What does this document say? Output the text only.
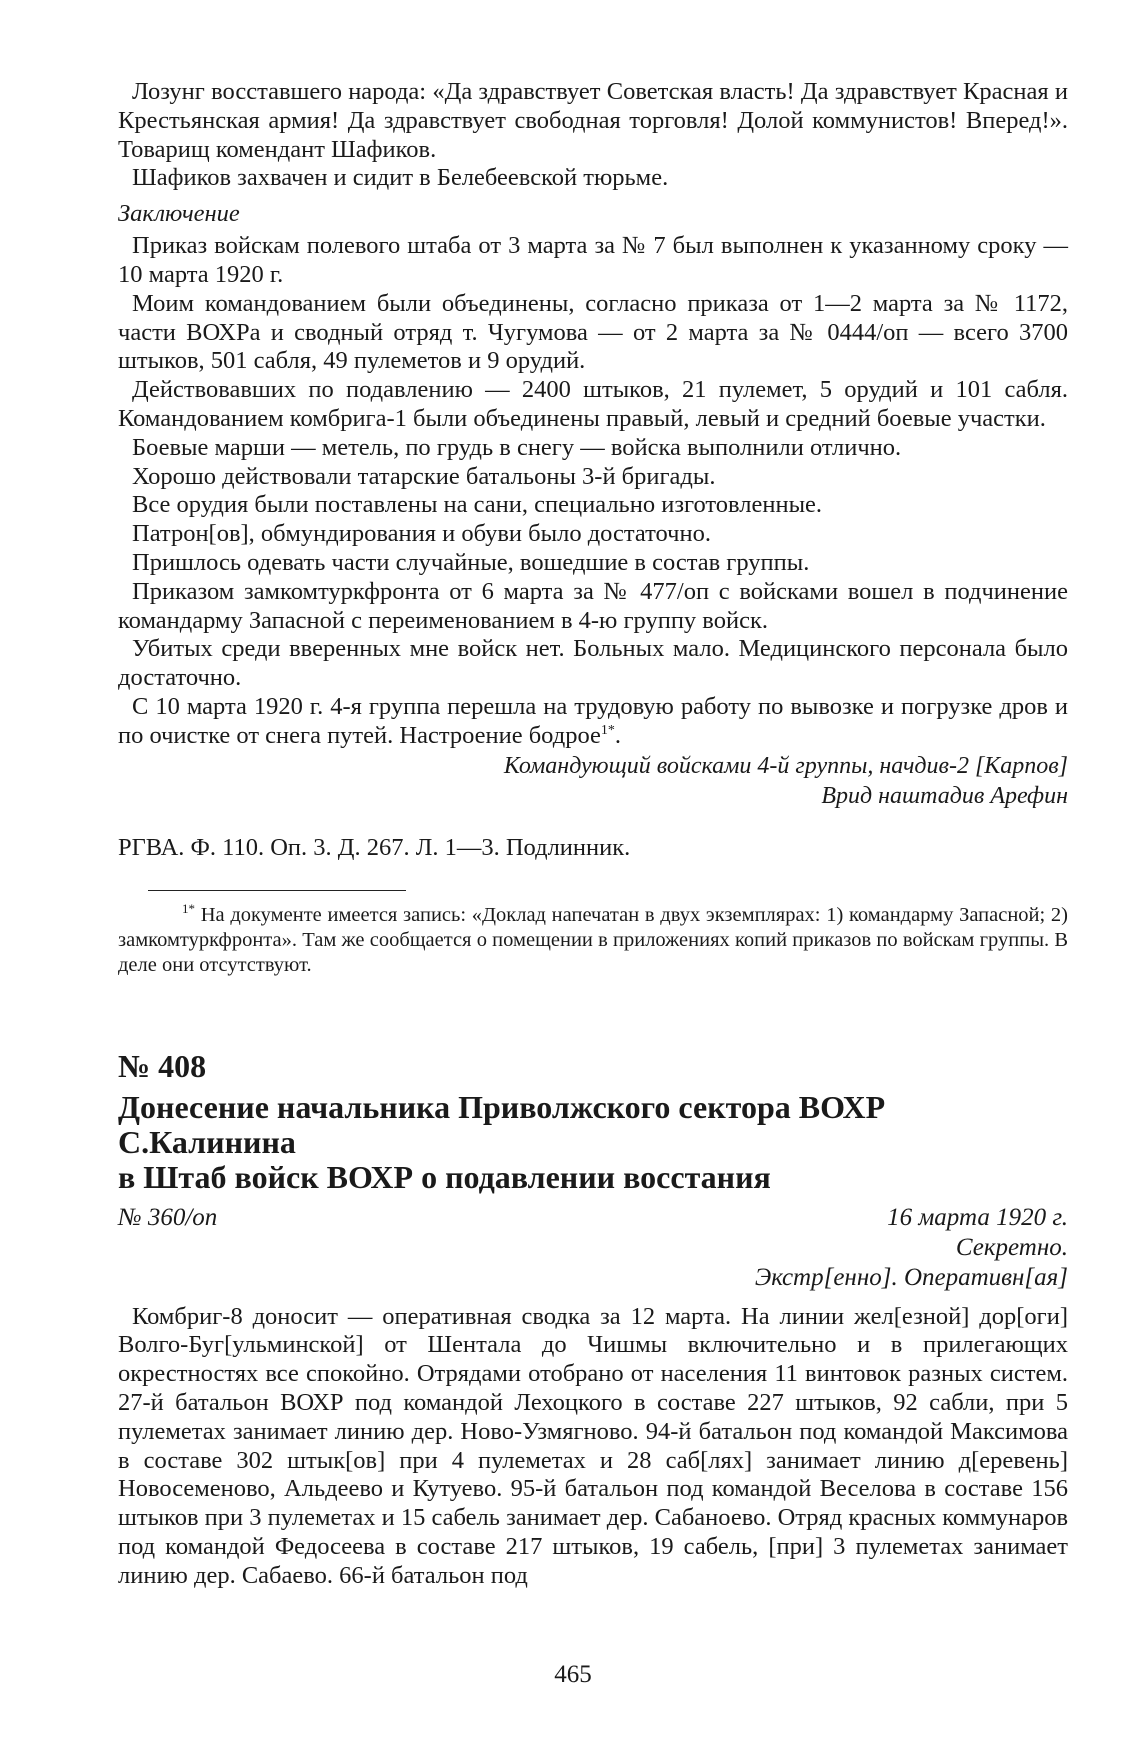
Лозунг восставшего народа: «Да здравствует Советская власть! Да здравствует Красная и Крестьянская армия! Да здравствует свободная торговля! Долой коммунистов! Вперед!». Товарищ комендант Шафиков.

Шафиков захвачен и сидит в Белебеевской тюрьме.

Заключение

Приказ войскам полевого штаба от 3 марта за № 7 был выполнен к указанному сроку — 10 марта 1920 г.

Моим командованием были объединены, согласно приказа от 1—2 марта за № 1172, части ВОХРа и сводный отряд т. Чугумова — от 2 марта за № 0444/оп — всего 3700 штыков, 501 сабля, 49 пулеметов и 9 орудий.

Действовавших по подавлению — 2400 штыков, 21 пулемет, 5 орудий и 101 сабля. Командованием комбрига-1 были объединены правый, левый и средний боевые участки.

Боевые марши — метель, по грудь в снегу — войска выполнили отлично.

Хорошо действовали татарские батальоны 3-й бригады.

Все орудия были поставлены на сани, специально изготовленные.

Патрон[ов], обмундирования и обуви было достаточно.

Пришлось одевать части случайные, вошедшие в состав группы.

Приказом замкомтуркфронта от 6 марта за № 477/оп с войсками вошел в подчинение командарму Запасной с переименованием в 4-ю группу войск.

Убитых среди вверенных мне войск нет. Больных мало. Медицинского персонала было достаточно.

С 10 марта 1920 г. 4-я группа перешла на трудовую работу по вывозке и погрузке дров и по очистке от снега путей. Настроение бодрое$^{1*}$.

Командующий войсками 4-й группы, начдив-2 [Карпов]

Врид наштадив Арефин

РГВА. Ф. 110. Оп. 3. Д. 267. Л. 1—3. Подлинник.

$^{1*}$ На документе имеется запись: «Доклад напечатан в двух экземплярах: 1) командарму Запасной; 2) замкомтуркфронта». Там же сообщается о помещении в приложениях копий приказов по войскам группы. В деле они отсутствуют.

№ 408

Донесение начальника Приволжского сектора ВОХР С.Калинина
в Штаб войск ВОХР о подавлении восстания

№ 360/оп	16 марта 1920 г.

Секретно.

Экстр[енно]. Оперативн[ая]

Комбриг-8 доносит — оперативная сводка за 12 марта. На линии жел[езной] дор[оги] Волго-Буг[ульминской] от Шентала до Чишмы включительно и в прилегающих окрестностях все спокойно. Отрядами отобрано от населения 11 винтовок разных систем. 27-й батальон ВОХР под командой Лехоцкого в составе 227 штыков, 92 сабли, при 5 пулеметах занимает линию дер. Ново-Узмягново. 94-й батальон под командой Максимова в составе 302 штык[ов] при 4 пулеметах и 28 саб[лях] занимает линию д[еревень] Новосеменово, Альдеево и Кутуево. 95-й батальон под командой Веселова в составе 156 штыков при 3 пулеметах и 15 сабель занимает дер. Сабаноево. Отряд красных коммунаров под командой Федосеева в составе 217 штыков, 19 сабель, [при] 3 пулеметах занимает линию дер. Сабаево. 66-й батальон под

465
